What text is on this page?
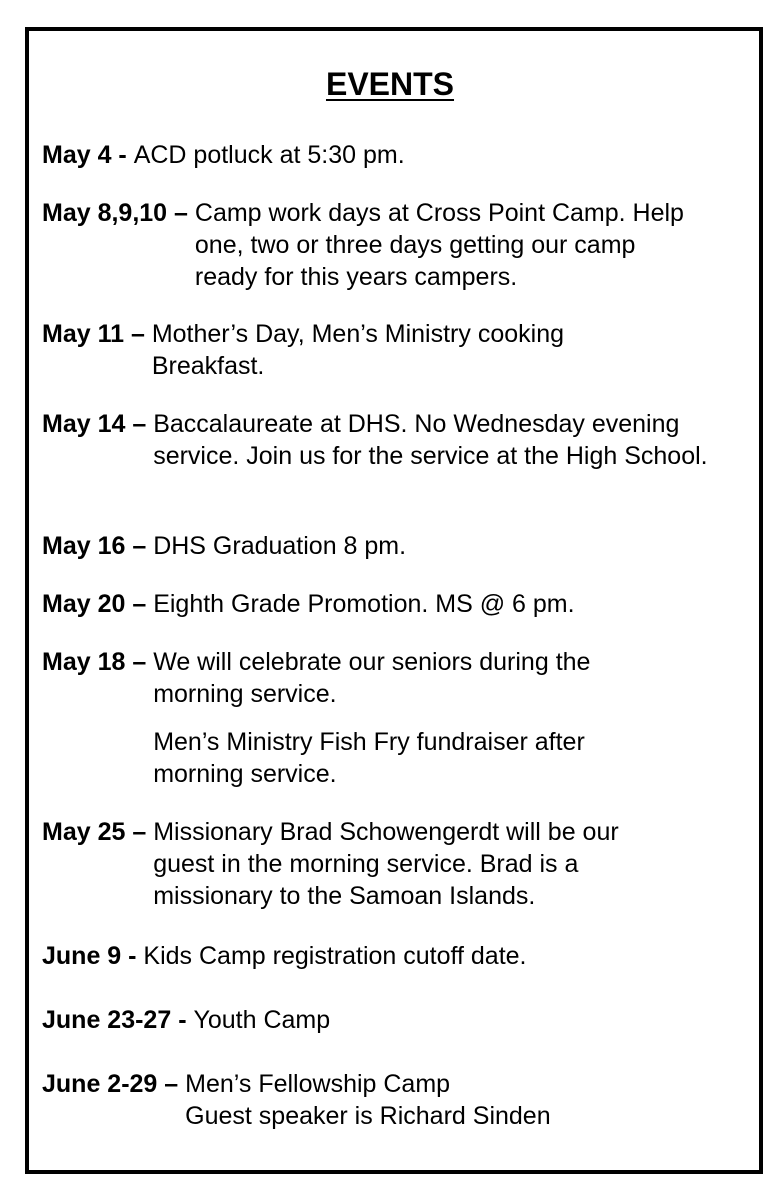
EVENTS
May 4 - ACD potluck at 5:30 pm.

May 8,9,10 – Camp work days at Cross Point Camp. Help one, two or three days getting our camp ready for this years campers.

May 11 – Mother’s Day, Men’s Ministry cooking Breakfast.

May 14 – Baccalaureate at DHS. No Wednesday evening service. Join us for the service at the High School.

May 16 – DHS Graduation 8 pm.

May 20 – Eighth Grade Promotion. MS @ 6 pm.

May 18 – We will celebrate our seniors during the morning service.

Men’s Ministry Fish Fry fundraiser after morning service.

May 25 – Missionary Brad Schowengerdt will be our guest in the morning service. Brad is a missionary to the Samoan Islands.

June 9 - Kids Camp registration cutoff date.

June 23-27 - Youth Camp

June 2-29 – Men’s Fellowship Camp

Guest speaker is Richard Sinden
